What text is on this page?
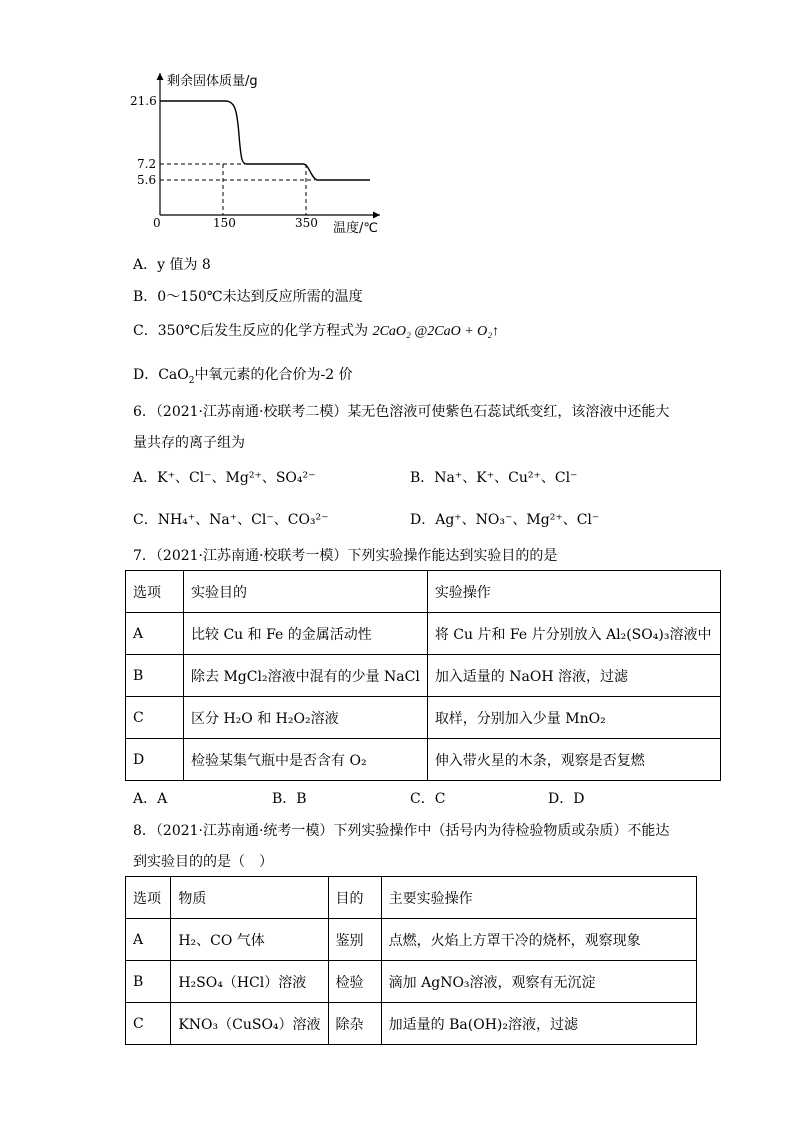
21.6
7.2
5.6
0	150	350
剩余固体质量/g
温度/℃
A．y 值为 8
B．0～150℃未达到反应所需的温度
C．350℃后发生反应的化学方程式为 2CaO₂ @2CaO + O₂↑
D．CaO$_2$中氧元素的化合价为-2 价
6．（2021·江苏南通·校联考二模）某无色溶液可使紫色石蕊试纸变红，该溶液中还能大
量共存的离子组为
A．K⁺、Cl⁻、Mg²⁺、SO₄²⁻	B．Na⁺、K⁺、Cu²⁺、Cl⁻
C．NH₄⁺、Na⁺、Cl⁻、CO₃²⁻	D．Ag⁺、NO₃⁻、Mg²⁺、Cl⁻
7．（2021·江苏南通·校联考一模）下列实验操作能达到实验目的的是
选项	实验目的	实验操作
A	比较 Cu 和 Fe 的金属活动性	将 Cu 片和 Fe 片分别放入 Al₂(SO₄)₃溶液中
B	除去 MgCl₂溶液中混有的少量 NaCl	加入适量的 NaOH 溶液，过滤
C	区分 H₂O 和 H₂O₂溶液	取样，分别加入少量 MnO₂
D	检验某集气瓶中是否含有 O₂	伸入带火星的木条，观察是否复燃
A．A	B．B	C．C	D．D
8．（2021·江苏南通·统考一模）下列实验操作中（括号内为待检验物质或杂质）不能达
到实验目的的是（　）
选项	物质	目的	主要实验操作
A	H₂、CO 气体	鉴别	点燃，火焰上方罩干冷的烧杯，观察现象
B	H₂SO₄（HCl）溶液	检验	滴加 AgNO₃溶液，观察有无沉淀
C	KNO₃（CuSO₄）溶液	除杂	加适量的 Ba(OH)₂溶液，过滤
